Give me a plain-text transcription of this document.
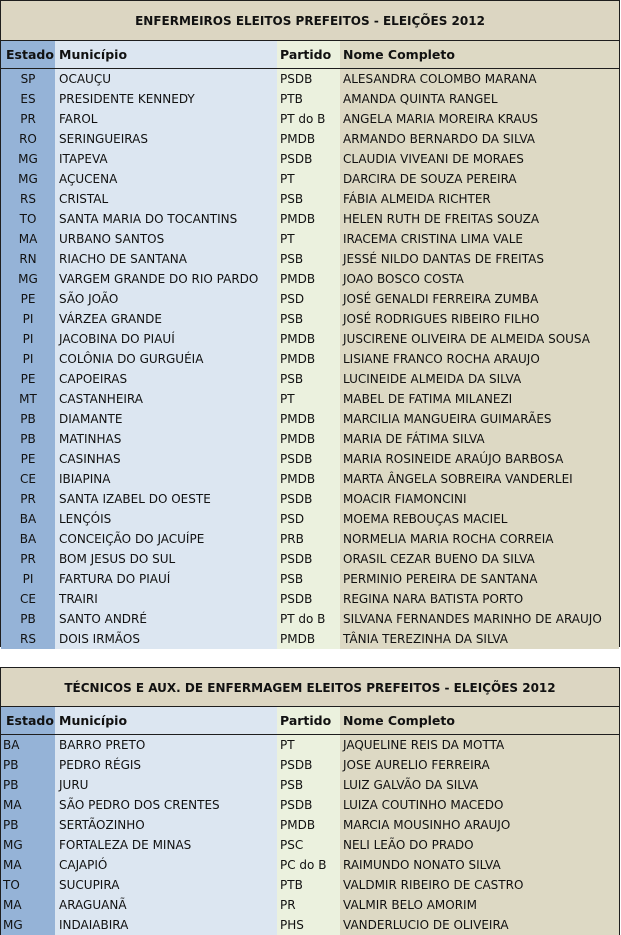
ENFERMEIROS ELEITOS PREFEITOS - ELEIÇÕES 2012
Estado Município	Partido Nome Completo
SP	OCAUÇU	PSDB	ALESANDRA COLOMBO MARANA
ES	PRESIDENTE KENNEDY	PTB	AMANDA QUINTA RANGEL
PR	FAROL	PT do B	ANGELA MARIA MOREIRA KRAUS
RO	SERINGUEIRAS	PMDB	ARMANDO BERNARDO DA SILVA
MG	ITAPEVA	PSDB	CLAUDIA VIVEANI DE MORAES
MG	AÇUCENA	PT	DARCIRA DE SOUZA PEREIRA
RS	CRISTAL	PSB	FÁBIA ALMEIDA RICHTER
TO	SANTA MARIA DO TOCANTINS	PMDB	HELEN RUTH DE FREITAS SOUZA
MA	URBANO SANTOS	PT	IRACEMA CRISTINA LIMA VALE
RN	RIACHO DE SANTANA	PSB	JESSÉ NILDO DANTAS DE FREITAS
MG	VARGEM GRANDE DO RIO PARDO	PMDB	JOAO BOSCO COSTA
PE	SÃO JOÃO	PSD	JOSÉ GENALDI FERREIRA ZUMBA
PI	VÁRZEA GRANDE	PSB	JOSÉ RODRIGUES RIBEIRO FILHO
PI	JACOBINA DO PIAUÍ	PMDB	JUSCIRENE OLIVEIRA DE ALMEIDA SOUSA
PI	COLÔNIA DO GURGUÉIA	PMDB	LISIANE FRANCO ROCHA ARAUJO
PE	CAPOEIRAS	PSB	LUCINEIDE ALMEIDA DA SILVA
MT	CASTANHEIRA	PT	MABEL DE FATIMA MILANEZI
PB	DIAMANTE	PMDB	MARCILIA MANGUEIRA GUIMARÃES
PB	MATINHAS	PMDB	MARIA DE FÁTIMA SILVA
PE	CASINHAS	PSDB	MARIA ROSINEIDE ARAÚJO BARBOSA
CE	IBIAPINA	PMDB	MARTA ÂNGELA SOBREIRA VANDERLEI
PR	SANTA IZABEL DO OESTE	PSDB	MOACIR FIAMONCINI
BA	LENÇÓIS	PSD	MOEMA REBOUÇAS MACIEL
BA	CONCEIÇÃO DO JACUÍPE	PRB	NORMELIA MARIA ROCHA CORREIA
PR	BOM JESUS DO SUL	PSDB	ORASIL CEZAR BUENO DA SILVA
PI	FARTURA DO PIAUÍ	PSB	PERMINIO PEREIRA DE SANTANA
CE	TRAIRI	PSDB	REGINA NARA BATISTA PORTO
PB	SANTO ANDRÉ	PT do B	SILVANA FERNANDES MARINHO DE ARAUJO
RS	DOIS IRMÃOS	PMDB	TÂNIA TEREZINHA DA SILVA
TÉCNICOS E AUX. DE ENFERMAGEM ELEITOS PREFEITOS - ELEIÇÕES 2012
Estado Município	Partido Nome Completo
BA	BARRO PRETO	PT	JAQUELINE REIS DA MOTTA
PB	PEDRO RÉGIS	PSDB	JOSE AURELIO FERREIRA
PB	JURU	PSB	LUIZ GALVÃO DA SILVA
MA	SÃO PEDRO DOS CRENTES	PSDB	LUIZA COUTINHO MACEDO
PB	SERTÃOZINHO	PMDB	MARCIA MOUSINHO ARAUJO
MG	FORTALEZA DE MINAS	PSC	NELI LEÃO DO PRADO
MA	CAJAPIÓ	PC do B	RAIMUNDO NONATO SILVA
TO	SUCUPIRA	PTB	VALDMIR RIBEIRO DE CASTRO
MA	ARAGUANÃ	PR	VALMIR BELO AMORIM
MG	INDAIABIRA	PHS	VANDERLUCIO DE OLIVEIRA
